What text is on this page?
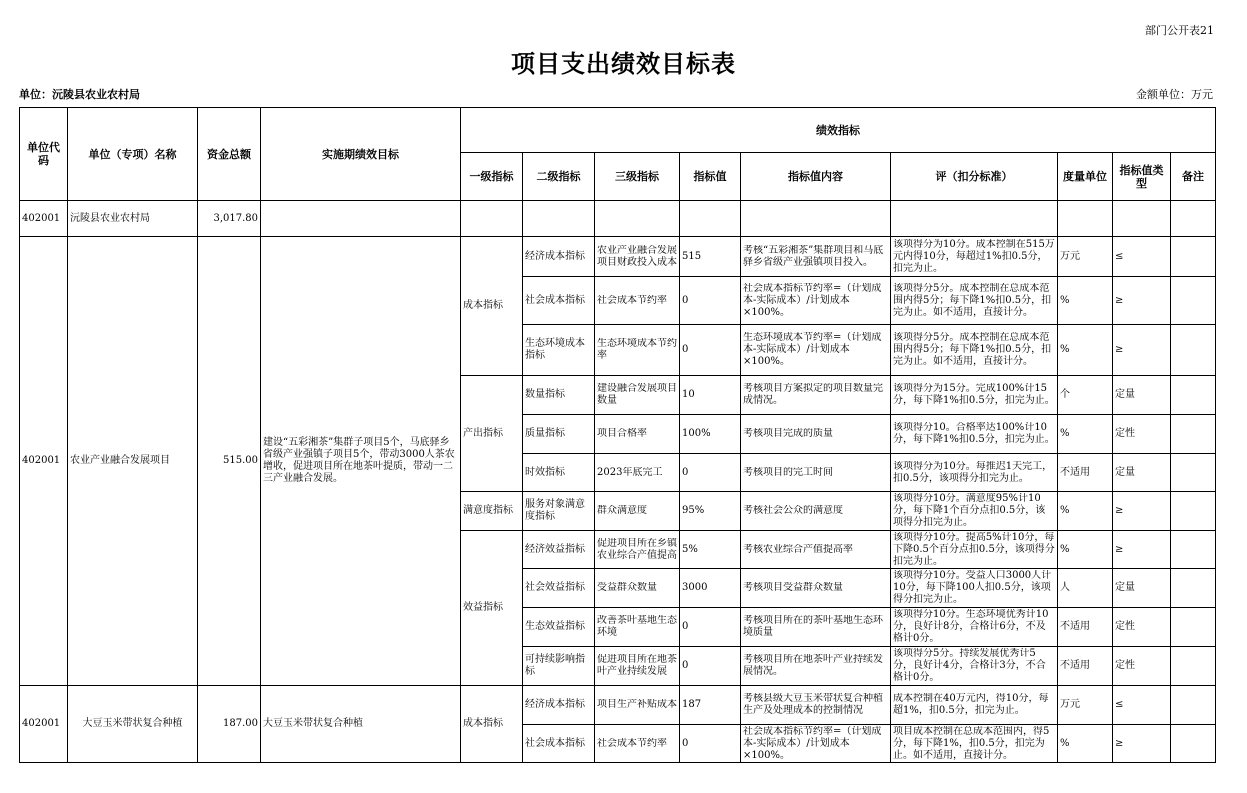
部门公开表21
项目支出绩效目标表
单位：沅陵县农业农村局	金额单位：万元
单位代码	单位（专项）名称	资金总额	实施期绩效目标	绩效指标								
				一级指标	二级指标	三级指标	指标值	指标值内容	评（扣分标准）	度量单位	指标值类型	备注
402001	沅陵县农业农村局	3,017.80										
402001	农业产业融合发展项目	515.00	建设“五彩湘茶”集群子项目5个，马底驿乡省级产业强镇子项目5个，带动3000人茶农增收，促进项目所在地茶叶提质，带动一二三产业融合发展。	成本指标	经济成本指标	农业产业融合发展项目财政投入成本	515	考核“五彩湘茶”集群项目和马底驿乡省级产业强镇项目投入。	该项得分为10分。成本控制在515万元内得10分，每超过1%扣0.5分，扣完为止。	万元	≤	
					社会成本指标	社会成本节约率	0	社会成本指标节约率=（计划成本-实际成本）/计划成本×100%。	该项得分5分。成本控制在总成本范围内得5分；每下降1%扣0.5分，扣完为止。如不适用，直接计分。	%	≥	
					生态环境成本指标	生态环境成本节约率	0	生态环境成本节约率=（计划成本-实际成本）/计划成本×100%。	该项得分5分。成本控制在总成本范围内得5分；每下降1%扣0.5分，扣完为止。如不适用，直接计分。	%	≥	
				产出指标	数量指标	建设融合发展项目数量	10	考核项目方案拟定的项目数量完成情况。	该项得分为15分。完成100%计15分，每下降1%扣0.5分，扣完为止。	个	定量	
					质量指标	项目合格率	100%	考核项目完成的质量	该项得分10。合格率达100%计10分，每下降1%扣0.5分，扣完为止。	%	定性	
					时效指标	2023年底完工	0	考核项目的完工时间	该项得分为10分。每推迟1天完工，扣0.5分，该项得分扣完为止。	不适用	定量	
				满意度指标	服务对象满意度指标	群众满意度	95%	考核社会公众的满意度	该项得分10分。满意度95%计10分，每下降1个百分点扣0.5分，该项得分扣完为止。	%	≥	
				效益指标	经济效益指标	促进项目所在乡镇农业综合产值提高	5%	考核农业综合产值提高率	该项得分10分。提高5%计10分，每下降0.5个百分点扣0.5分，该项得分扣完为止。	%	≥	
					社会效益指标	受益群众数量	3000	考核项目受益群众数量	该项得分10分。受益人口3000人计10分，每下降100人扣0.5分，该项得分扣完为止。	人	定量	
					生态效益指标	改善茶叶基地生态环境	0	考核项目所在的茶叶基地生态环境质量	该项得分10分。生态环境优秀计10分，良好计8分，合格计6分，不及格计0分。	不适用	定性	
					可持续影响指标	促进项目所在地茶叶产业持续发展	0	考核项目所在地茶叶产业持续发展情况。	该项得分5分。持续发展优秀计5分，良好计4分，合格计3分，不合格计0分。	不适用	定性	
402001	大豆玉米带状复合种植	187.00	大豆玉米带状复合种植	成本指标	经济成本指标	项目生产补贴成本	187	考核县级大豆玉米带状复合种植生产及处理成本的控制情况	成本控制在40万元内，得10分，每超1%，扣0.5分，扣完为止。	万元	≤	
					社会成本指标	社会成本节约率	0	社会成本指标节约率=（计划成本-实际成本）/计划成本×100%。	项目成本控制在总成本范围内，得5分，每下降1%，扣0.5分，扣完为止。如不适用，直接计分。	%	≥	
